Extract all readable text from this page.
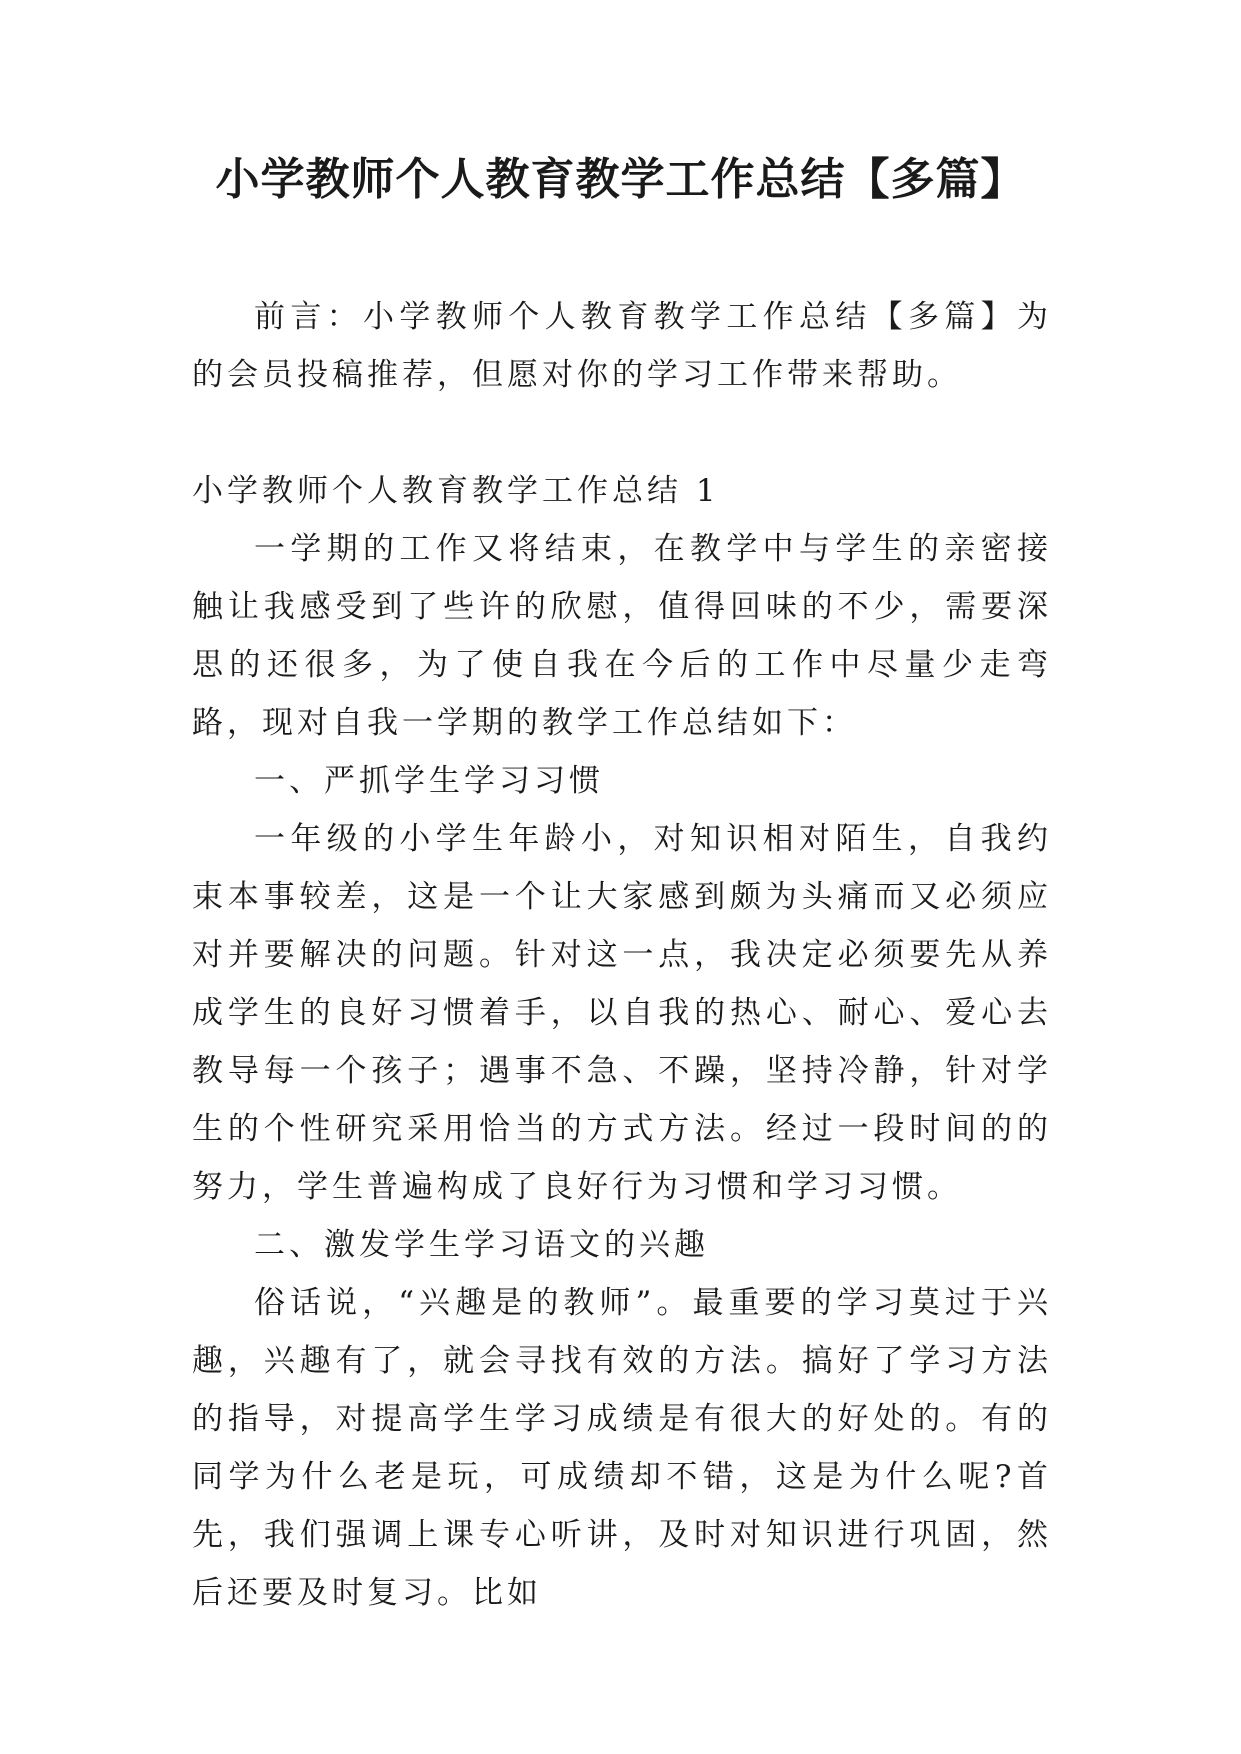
小学教师个人教育教学工作总结【多篇】

前言：小学教师个人教育教学工作总结【多篇】为的会员投稿推荐，但愿对你的学习工作带来帮助。

小学教师个人教育教学工作总结 1

一学期的工作又将结束，在教学中与学生的亲密接触让我感受到了些许的欣慰，值得回味的不少，需要深思的还很多，为了使自我在今后的工作中尽量少走弯路，现对自我一学期的教学工作总结如下：

一、严抓学生学习习惯

一年级的小学生年龄小，对知识相对陌生，自我约束本事较差，这是一个让大家感到颇为头痛而又必须应对并要解决的问题。针对这一点，我决定必须要先从养成学生的良好习惯着手，以自我的热心、耐心、爱心去教导每一个孩子；遇事不急、不躁，坚持冷静，针对学生的个性研究采用恰当的方式方法。经过一段时间的的努力，学生普遍构成了良好行为习惯和学习习惯。

二、激发学生学习语文的兴趣

俗话说，“兴趣是的教师”。最重要的学习莫过于兴趣，兴趣有了，就会寻找有效的方法。搞好了学习方法的指导，对提高学生学习成绩是有很大的好处的。有的同学为什么老是玩，可成绩却不错，这是为什么呢?首先，我们强调上课专心听讲，及时对知识进行巩固，然后还要及时复习。比如
